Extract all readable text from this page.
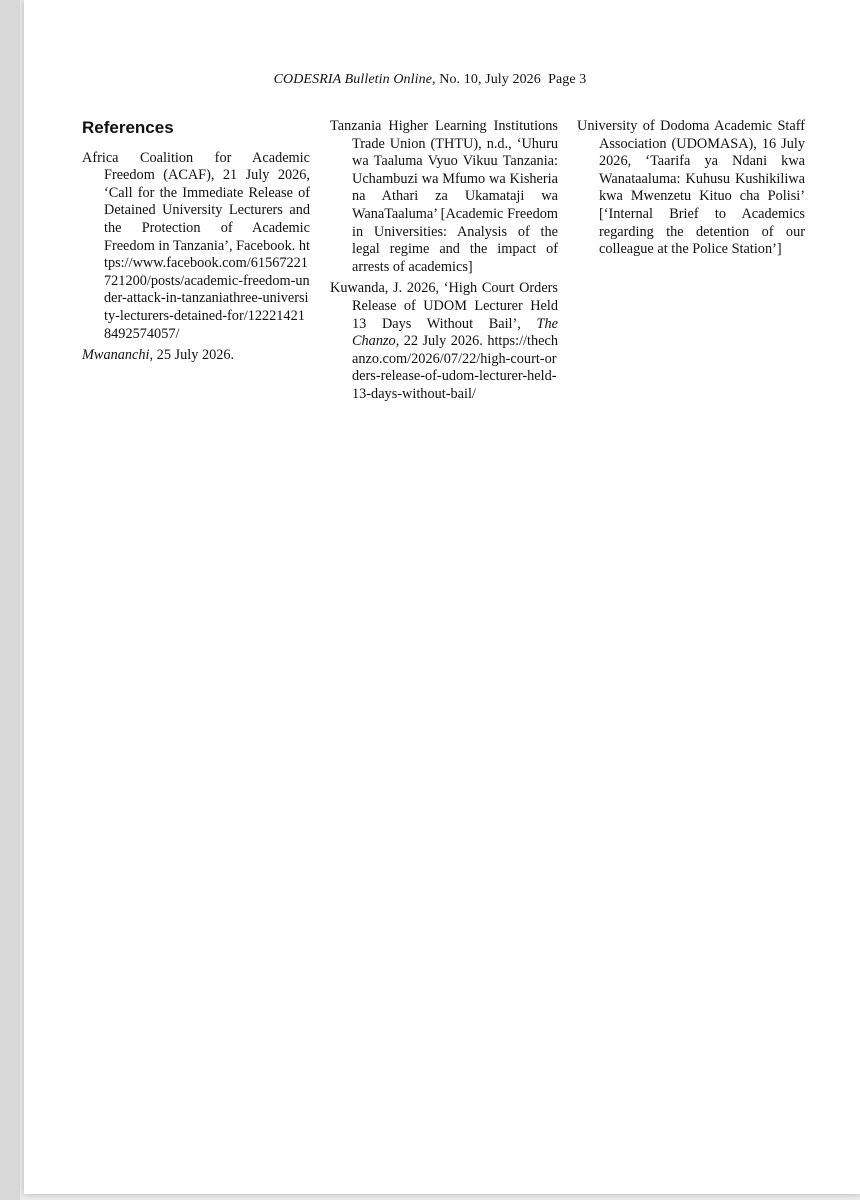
CODESRIA Bulletin Online, No. 10, July 2026 Page 3
References

Africa Coalition for Academic Freedom (ACAF), 21 July 2026, ‘Call for the Immediate Release of Detained University Lecturers and the Protection of Academic Freedom in Tanzania’, Facebook. https://www.facebook.com/61567221721200/posts/academic-freedom-under-attack-in-tanzaniathree-university-lecturers-detained-for/122214218492574057/

Mwananchi, 25 July 2026.

Tanzania Higher Learning Institutions Trade Union (THTU), n.d., ‘Uhuru wa Taaluma Vyuo Vikuu Tanzania: Uchambuzi wa Mfumo wa Kisheria na Athari za Ukamataji wa WanaTaaluma’ [Academic Freedom in Universities: Analysis of the legal regime and the impact of arrests of academics]

Kuwanda, J. 2026, ‘High Court Orders Release of UDOM Lecturer Held 13 Days Without Bail’, The Chanzo, 22 July 2026. https://thechanzo.com/2026/07/22/high-court-orders-release-of-udom-lecturer-held-13-days-without-bail/

University of Dodoma Academic Staff Association (UDOMASA), 16 July 2026, ‘Taarifa ya Ndani kwa Wanataaluma: Kuhusu Kushikiliwa kwa Mwenzetu Kituo cha Polisi’ [‘Internal Brief to Academics regarding the detention of our colleague at the Police Station’]
